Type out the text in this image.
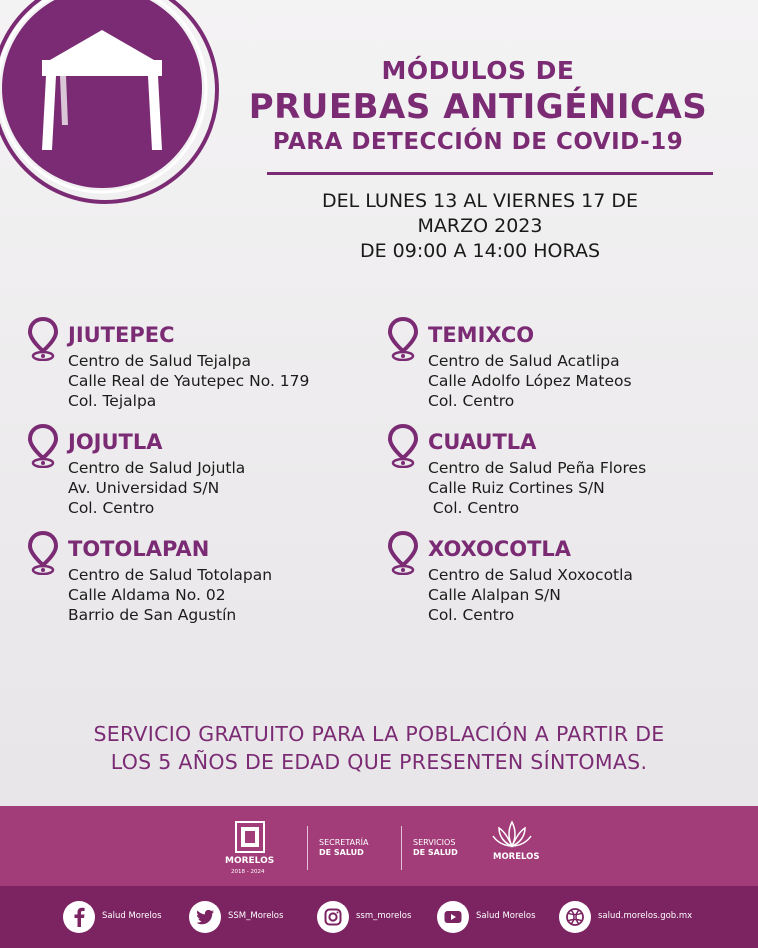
MÓDULOS DE
PRUEBAS ANTIGÉNICAS
PARA DETECCIÓN DE COVID-19
DEL LUNES 13 AL VIERNES 17 DE
MARZO 2023
DE 09:00 A 14:00 HORAS
JIUTEPEC
Centro de Salud Tejalpa
Calle Real de Yautepec No. 179
Col. Tejalpa
TEMIXCO
Centro de Salud Acatlipa
Calle Adolfo López Mateos
Col. Centro
JOJUTLA
Centro de Salud Jojutla
Av. Universidad S/N
Col. Centro
CUAUTLA
Centro de Salud Peña Flores
Calle Ruiz Cortines S/N
Col. Centro
TOTOLAPAN
Centro de Salud Totolapan
Calle Aldama No. 02
Barrio de San Agustín
XOXOCOTLA
Centro de Salud Xoxocotla
Calle Alalpan S/N
Col. Centro
SERVICIO GRATUITO PARA LA POBLACIÓN A PARTIR DE
LOS 5 AÑOS DE EDAD QUE PRESENTEN SÍNTOMAS.
MORELOS
2018 - 2024
SECRETARÍA
DE SALUD
SERVICIOS
DE SALUD	MORELOS
Salud Morelos	SSM_Morelos	ssm_morelos	Salud Morelos	salud.morelos.gob.mx
